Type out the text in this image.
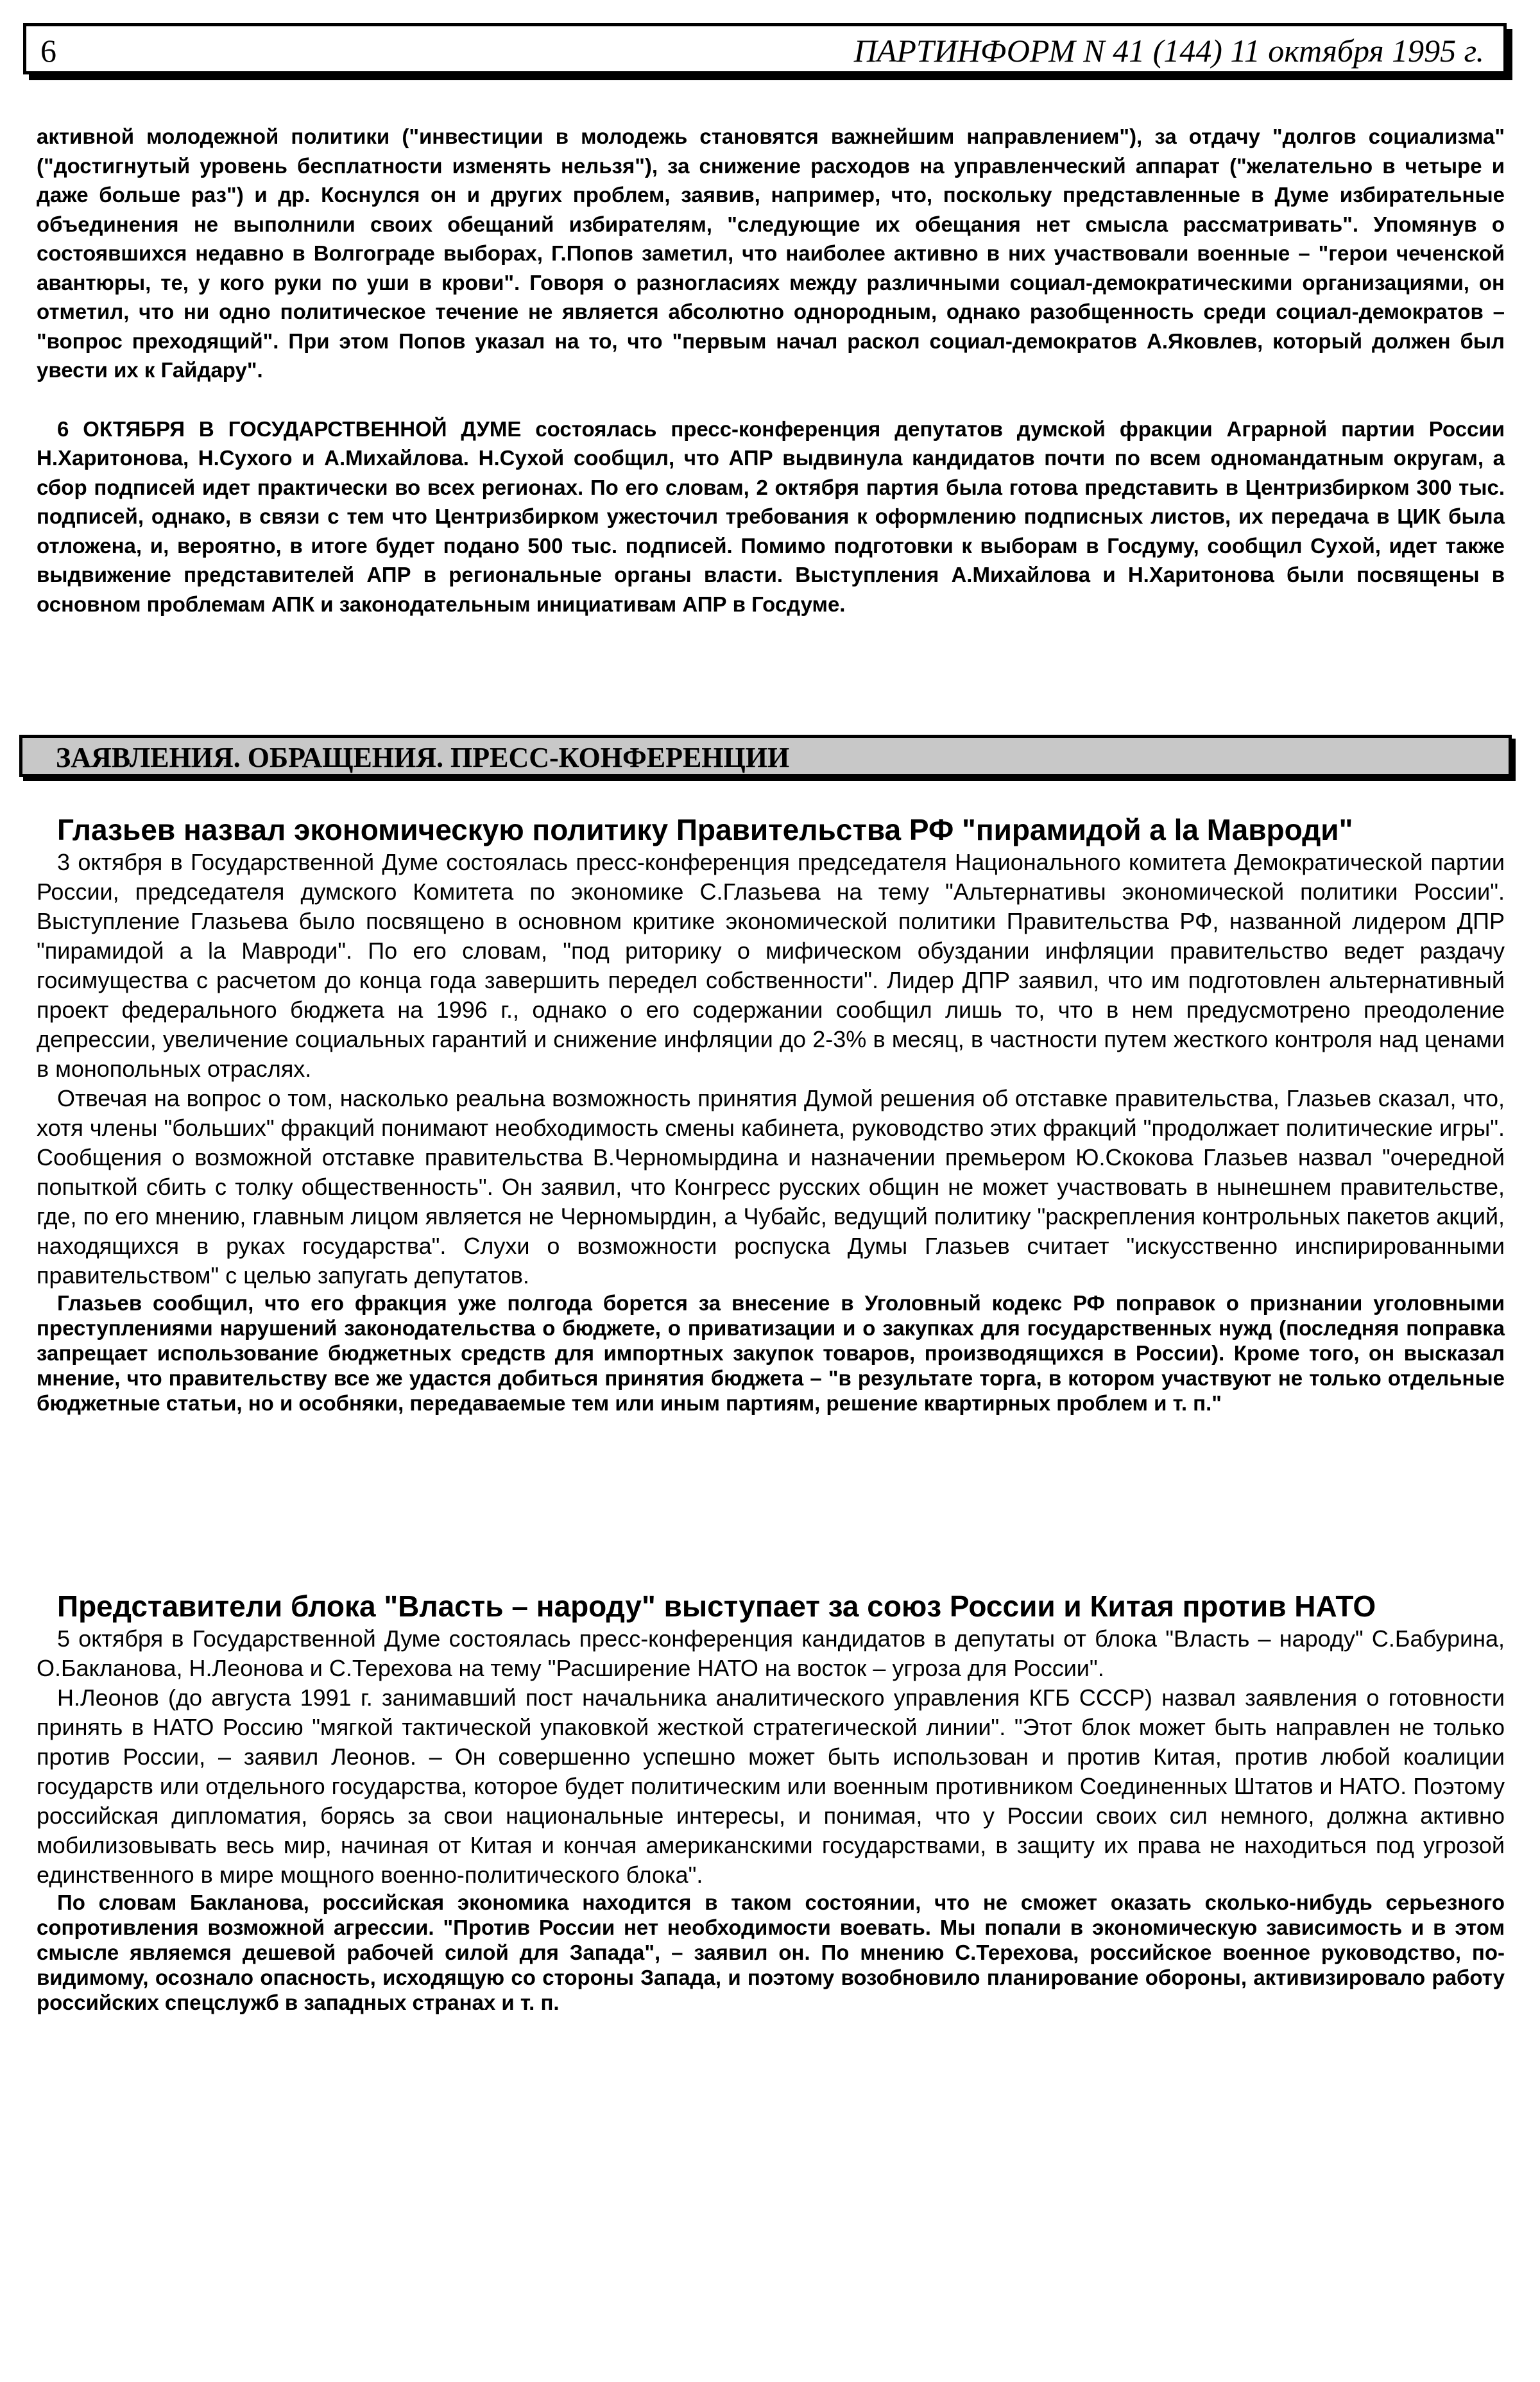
6	ПАРТИНФОРМ N 41 (144) 11 октября 1995 г.

активной молодежной политики ("инвестиции в молодежь становятся важнейшим направлением"), за отдачу "долгов социализма" ("достигнутый уровень бесплатности изменять нельзя"), за снижение расходов на управленческий аппарат ("желательно в четыре и даже больше раз") и др. Коснулся он и других проблем, заявив, например, что, поскольку представленные в Думе избирательные объединения не выполнили своих обещаний избирателям, "следующие их обещания нет смысла рассматривать". Упомянув о состоявшихся недавно в Волгограде выборах, Г.Попов заметил, что наиболее активно в них участвовали военные – "герои чеченской авантюры, те, у кого руки по уши в крови". Говоря о разногласиях между различными социал-демократическими организациями, он отметил, что ни одно политическое течение не является абсолютно однородным, однако разобщенность среди социал-демократов – "вопрос преходящий". При этом Попов указал на то, что "первым начал раскол социал-демократов А.Яковлев, который должен был увести их к Гайдару".

6 ОКТЯБРЯ В ГОСУДАРСТВЕННОЙ ДУМЕ состоялась пресс-конференция депутатов думской фракции Аграрной партии России Н.Харитонова, Н.Сухого и А.Михайлова. Н.Сухой сообщил, что АПР выдвинула кандидатов почти по всем одномандатным округам, а сбор подписей идет практически во всех регионах. По его словам, 2 октября партия была готова представить в Центризбирком 300 тыс. подписей, однако, в связи с тем что Центризбирком ужесточил требования к оформлению подписных листов, их передача в ЦИК была отложена, и, вероятно, в итоге будет подано 500 тыс. подписей. Помимо подготовки к выборам в Госдуму, сообщил Сухой, идет также выдвижение представителей АПР в региональные органы власти. Выступления А.Михайлова и Н.Харитонова были посвящены в основном проблемам АПК и законодательным инициативам АПР в Госдуме.

ЗАЯВЛЕНИЯ. ОБРАЩЕНИЯ. ПРЕСС-КОНФЕРЕНЦИИ
Глазьев назвал экономическую политику Правительства РФ "пирамидой а la Мавроди"

3 октября в Государственной Думе состоялась пресс-конференция председателя Национального комитета Демократической партии России, председателя думского Комитета по экономике С.Глазьева на тему "Альтернативы экономической политики России". Выступление Глазьева было посвящено в основном критике экономической политики Правительства РФ, названной лидером ДПР "пирамидой а la Мавроди". По его словам, "под риторику о мифическом обуздании инфляции правительство ведет раздачу госимущества с расчетом до конца года завершить передел собственности". Лидер ДПР заявил, что им подготовлен альтернативный проект федерального бюджета на 1996 г., однако о его содержании сообщил лишь то, что в нем предусмотрено преодоление депрессии, увеличение социальных гарантий и снижение инфляции до 2-3% в месяц, в частности путем жесткого контроля над ценами в монопольных отраслях.

Отвечая на вопрос о том, насколько реальна возможность принятия Думой решения об отставке правительства, Глазьев сказал, что, хотя члены "больших" фракций понимают необходимость смены кабинета, руководство этих фракций "продолжает политические игры". Сообщения о возможной отставке правительства В.Черномырдина и назначении премьером Ю.Скокова Глазьев назвал "очередной попыткой сбить с толку общественность". Он заявил, что Конгресс русских общин не может участвовать в нынешнем правительстве, где, по его мнению, главным лицом является не Черномырдин, а Чубайс, ведущий политику "раскрепления контрольных пакетов акций, находящихся в руках государства". Слухи о возможности роспуска Думы Глазьев считает "искусственно инспирированными правительством" с целью запугать депутатов.

Глазьев сообщил, что его фракция уже полгода борется за внесение в Уголовный кодекс РФ поправок о признании уголовными преступлениями нарушений законодательства о бюджете, о приватизации и о закупках для государственных нужд (последняя поправка запрещает использование бюджетных средств для импортных закупок товаров, производящихся в России). Кроме того, он высказал мнение, что правительству все же удастся добиться принятия бюджета – "в результате торга, в котором участвуют не только отдельные бюджетные статьи, но и особняки, передаваемые тем или иным партиям, решение квартирных проблем и т. п."

Представители блока "Власть – народу" выступает за союз России и Китая против НАТО

5 октября в Государственной Думе состоялась пресс-конференция кандидатов в депутаты от блока "Власть – народу" С.Бабурина, О.Бакланова, Н.Леонова и С.Терехова на тему "Расширение НАТО на восток – угроза для России".

Н.Леонов (до августа 1991 г. занимавший пост начальника аналитического управления КГБ СССР) назвал заявления о готовности принять в НАТО Россию "мягкой тактической упаковкой жесткой стратегической линии". "Этот блок может быть направлен не только против России, – заявил Леонов. – Он совершенно успешно может быть использован и против Китая, против любой коалиции государств или отдельного государства, которое будет политическим или военным противником Соединенных Штатов и НАТО. Поэтому российская дипломатия, борясь за свои национальные интересы, и понимая, что у России своих сил немного, должна активно мобилизовывать весь мир, начиная от Китая и кончая американскими государствами, в защиту их права не находиться под угрозой единственного в мире мощного военно-политического блока".

По словам Бакланова, российская экономика находится в таком состоянии, что не сможет оказать сколько-нибудь серьезного сопротивления возможной агрессии. "Против России нет необходимости воевать. Мы попали в экономическую зависимость и в этом смысле являемся дешевой рабочей силой для Запада", – заявил он. По мнению С.Терехова, российское военное руководство, по-видимому, осознало опасность, исходящую со стороны Запада, и поэтому возобновило планирование обороны, активизировало работу российских спецслужб в западных странах и т. п.
